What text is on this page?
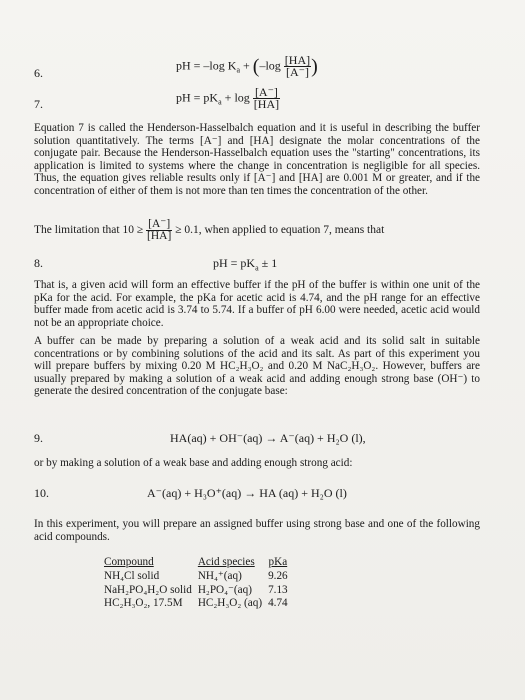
6.
pH = –log $K_a + (-\log \frac{[HA]}{[A^-]}$ )
7.	pH = $pK_a + \log \frac{[A^-]}{[HA]}$
Equation 7 is called the Henderson-Hasselbalch equation and it is useful in describing the buffer solution quantitatively. The terms [A⁻] and [HA] designate the molar concentrations of the conjugate pair. Because the Henderson-Hasselbalch equation uses the "starting" concentrations, its application is limited to systems where the change in concentration is negligible for all species. Thus, the equation gives reliable results only if [A⁻] and [HA] are 0.001 M or greater, and if the concentration of either of them is not more than ten times the concentration of the other.
The limitation that $10 \ge \frac{[A^-]}{[HA]} \ge 0.1$, when applied to equation 7, means that
8.	pH = $pK_a \pm 1$
That is, a given acid will form an effective buffer if the pH of the buffer is within one unit of the pKa for the acid. For example, the pKa for acetic acid is 4.74, and the pH range for an effective buffer made from acetic acid is 3.74 to 5.74. If a buffer of pH 6.00 were needed, acetic acid would not be an appropriate choice.
A buffer can be made by preparing a solution of a weak acid and its solid salt in suitable concentrations or by combining solutions of the acid and its salt. As part of this experiment you will prepare buffers by mixing 0.20 M HC₂H₃O₂ and 0.20 M NaC₂H₃O₂. However, buffers are usually prepared by making a solution of a weak acid and adding enough strong base (OH⁻) to generate the desired concentration of the conjugate base:
9.	HA(aq) + OH⁻(aq) → A⁻(aq) + H₂O (l),
or by making a solution of a weak base and adding enough strong acid:
10.	A⁻(aq) + H₃O⁺(aq) → HA (aq) + H₂O (l)
In this experiment, you will prepare an assigned buffer using strong base and one of the following acid compounds.
Compound	Acid species	pKa
NH₄Cl solid	NH₄⁺(aq)	9.26
NaH₂PO₄H₂O solid	H₂PO₄⁻(aq)	7.13
HC₂H₃O₂, 17.5M	HC₂H₃O₂ (aq)	4.74
